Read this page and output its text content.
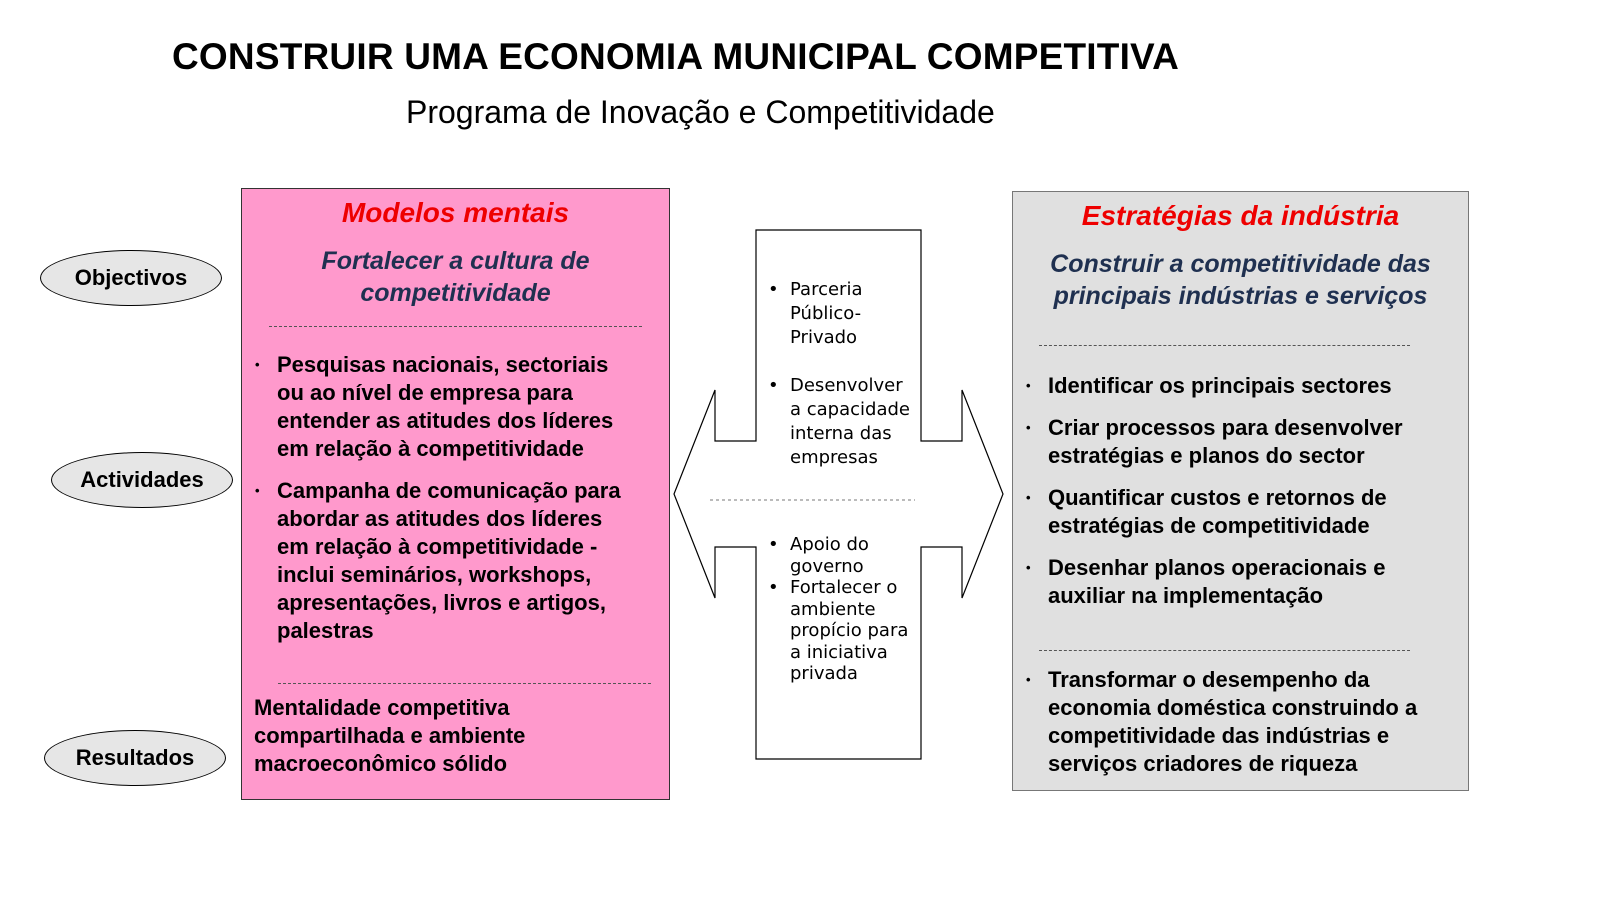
CONSTRUIR UMA ECONOMIA MUNICIPAL COMPETITIVA
Programa de Inovação e Competitividade
Objectivos
Actividades
Resultados
Modelos mentais
Fortalecer a cultura de
competitividade
• Pesquisas nacionais, sectoriais
ou ao nível de empresa para
entender as atitudes dos líderes
em relação à competitividade
• Campanha de comunicação para
abordar as atitudes dos líderes
em relação à competitividade -
inclui seminários, workshops,
apresentações, livros e artigos,
palestras
Mentalidade competitiva
compartilhada e ambiente
macroeconômico sólido
• Parceria
Público-
Privado
• Desenvolver
a capacidade
interna das
empresas
• Apoio do
governo
• Fortalecer o
ambiente
propício para
a iniciativa
privada
Estratégias da indústria
Construir a competitividade das
principais indústrias e serviços
• Identificar os principais sectores
• Criar processos para desenvolver
estratégias e planos do sector
• Quantificar custos e retornos de
estratégias de competitividade
• Desenhar planos operacionais e
auxiliar na implementação
• Transformar o desempenho da
economia doméstica construindo a
competitividade das indústrias e
serviços criadores de riqueza
